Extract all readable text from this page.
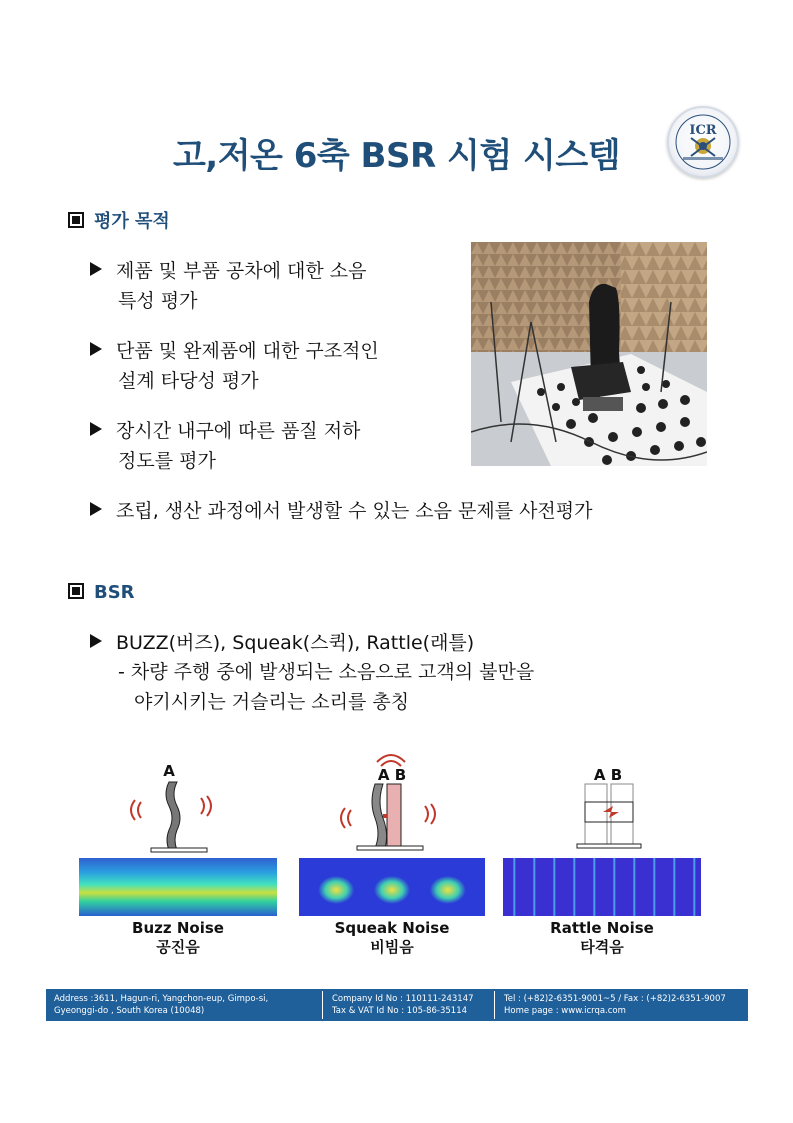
고,저온 6축 BSR 시험 시스템
ICR
평가 목적
제품 및 부품 공차에 대한 소음
특성 평가
단품 및 완제품에 대한 구조적인
설계 타당성 평가
장시간 내구에 따른 품질 저하
정도를 평가
조립, 생산 과정에서 발생할 수 있는 소음 문제를 사전평가
BSR
BUZZ(버즈), Squeak(스퀵), Rattle(래틀)
- 차량 주행 중에 발생되는 소음으로 고객의 불만을
야기시키는 거슬리는 소리를 총칭
A
Buzz Noise
공진음
A B
Squeak Noise
비빔음
A B
Rattle Noise
타격음
Address :3611, Hagun-ri, Yangchon-eup, Gimpo-si,
Gyeonggi-do , South Korea (10048)
Company Id No : 110111-243147
Tax & VAT Id No : 105-86-35114
Tel : (+82)2-6351-9001~5 / Fax : (+82)2-6351-9007
Home page : www.icrqa.com
